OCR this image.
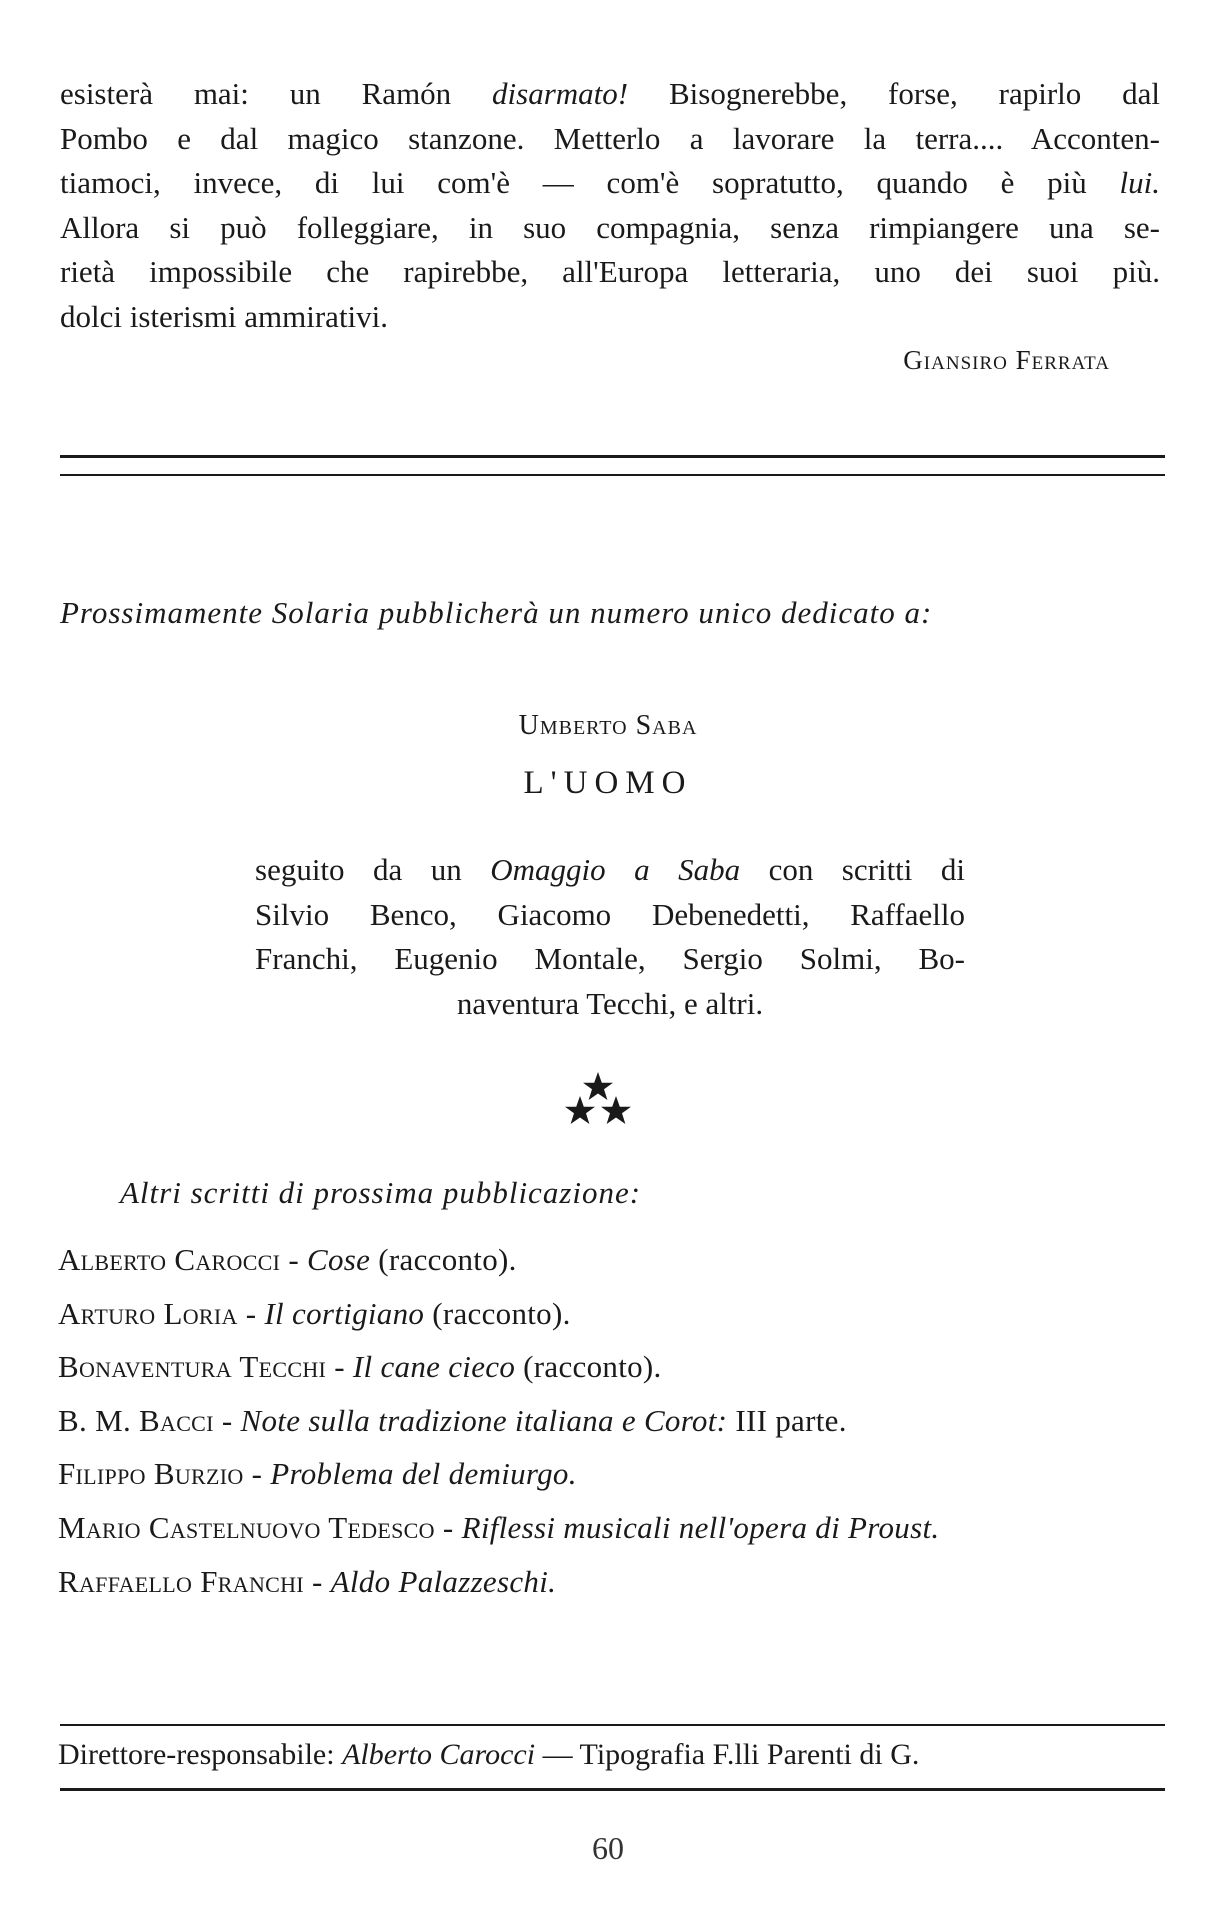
esisterà mai: un Ramón disarmato! Bisognerebbe, forse, rapirlo dal
Pombo e dal magico stanzone. Metterlo a lavorare la terra.... Acconten-
tiamoci, invece, di lui com'è — com'è sopratutto, quando è più lui.
Allora si può folleggiare, in suo compagnia, senza rimpiangere una se-
rietà impossibile che rapirebbe, all'Europa letteraria, uno dei suoi più.
dolci isterismi ammirativi.
Giansiro Ferrata
Prossimamente Solaria pubblicherà un numero unico dedicato a:
Umberto Saba
L'UOMO
seguito da un Omaggio a Saba con scritti di
Silvio Benco, Giacomo Debenedetti, Raffaello
Franchi, Eugenio Montale, Sergio Solmi, Bo-
naventura Tecchi, e altri.
Altri scritti di prossima pubblicazione:
Alberto Carocci - Cose (racconto).
Arturo Loria - Il cortigiano (racconto).
Bonaventura Tecchi - Il cane cieco (racconto).
B. M. Bacci - Note sulla tradizione italiana e Corot: III parte.
Filippo Burzio - Problema del demiurgo.
Mario Castelnuovo Tedesco - Riflessi musicali nell'opera di Proust.
Raffaello Franchi - Aldo Palazzeschi.
Direttore-responsabile: Alberto Carocci — Tipografia F.lli Parenti di G.
60
